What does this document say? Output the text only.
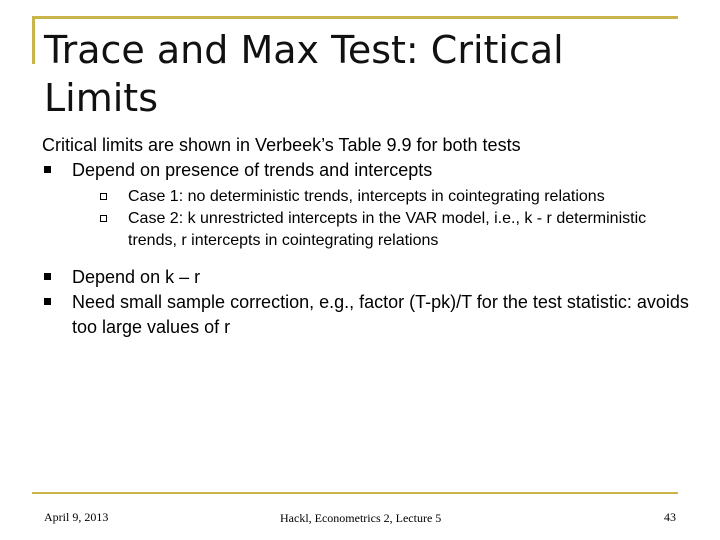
Trace and Max Test: Critical Limits

Critical limits are shown in Verbeek’s Table 9.9 for both tests

Depend on presence of trends and intercepts
Case 1: no deterministic trends, intercepts in cointegrating relations
Case 2: k unrestricted intercepts in the VAR model, i.e., k - r deterministic trends, r intercepts in cointegrating relations
Depend on k – r
Need small sample correction, e.g., factor (T-pk)/T for the test statistic: avoids too large values of r
April 9, 2013	Hackl, Econometrics 2, Lecture 5	43
